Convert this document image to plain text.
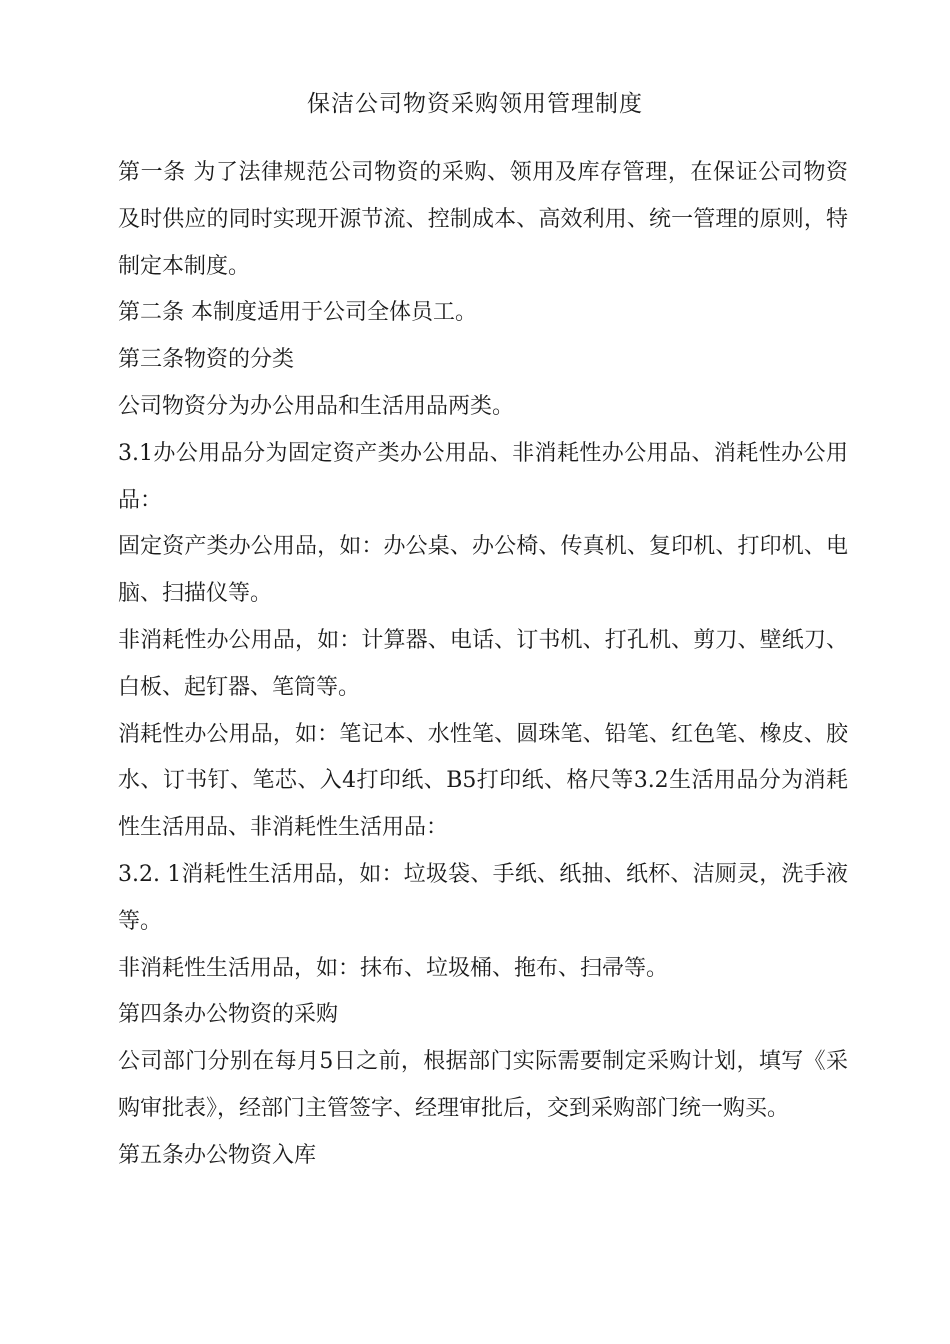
保洁公司物资采购领用管理制度

第一条 为了法律规范公司物资的采购、领用及库存管理，在保证公司物资及时供应的同时实现开源节流、控制成本、高效利用、统一管理的原则，特制定本制度。

第二条 本制度适用于公司全体员工。

第三条物资的分类

公司物资分为办公用品和生活用品两类。

3.1办公用品分为固定资产类办公用品、非消耗性办公用品、消耗性办公用品：

固定资产类办公用品，如：办公桌、办公椅、传真机、复印机、打印机、电脑、扫描仪等。

非消耗性办公用品，如：计算器、电话、订书机、打孔机、剪刀、壁纸刀、白板、起钉器、笔筒等。

消耗性办公用品，如：笔记本、水性笔、圆珠笔、铅笔、红色笔、橡皮、胶水、订书钉、笔芯、入4打印纸、B5打印纸、格尺等3.2生活用品分为消耗性生活用品、非消耗性生活用品：

3.2. 1消耗性生活用品，如：垃圾袋、手纸、纸抽、纸杯、洁厕灵，洗手液等。

非消耗性生活用品，如：抹布、垃圾桶、拖布、扫帚等。

第四条办公物资的采购

公司部门分别在每月5日之前，根据部门实际需要制定采购计划，填写《采购审批表》，经部门主管签字、经理审批后，交到采购部门统一购买。

第五条办公物资入库
